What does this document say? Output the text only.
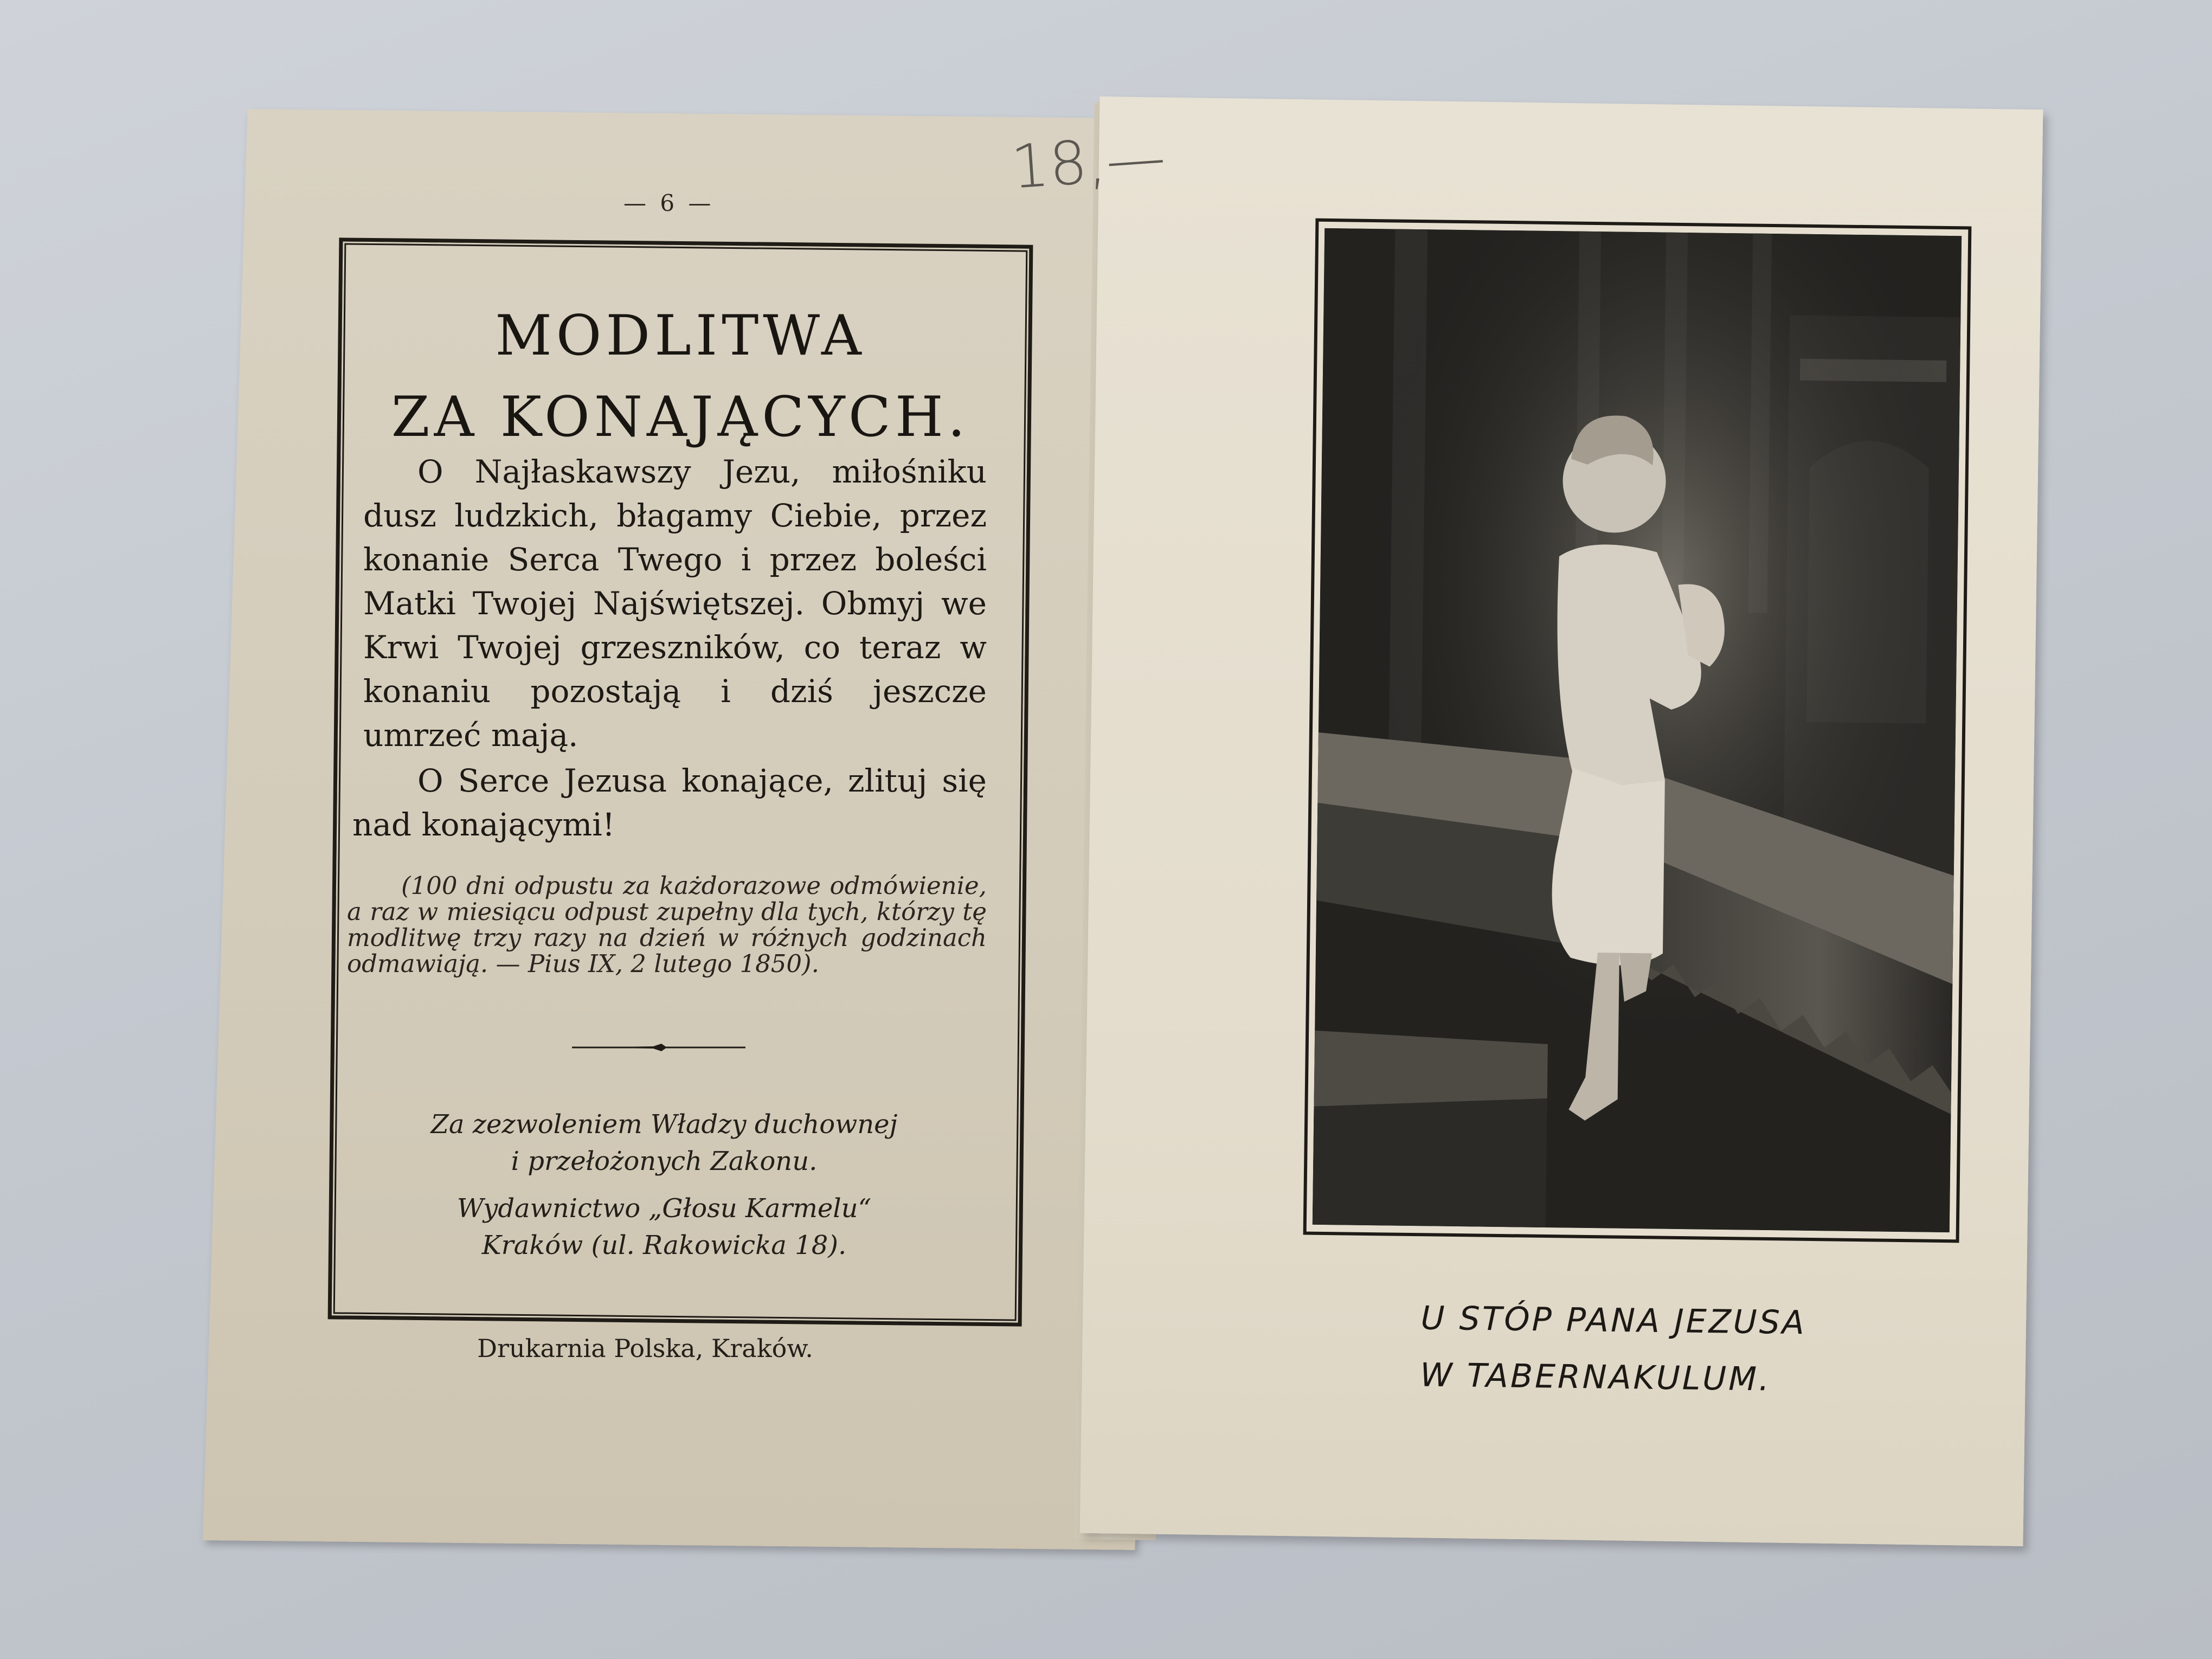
— 6 —
18,—
MODLITWA
ZA KONAJĄCYCH.
O Najłaskawszy Jezu, miłośniku dusz ludzkich, błagamy Ciebie, przez konanie Serca Twego i przez boleści Matki Twojej Najświętszej. Obmyj we Krwi Twojej grzeszników, co teraz w konaniu pozostają i dziś jeszcze umrzeć mają.
O Serce Jezusa konające, zlituj się nad konającymi!
(100 dni odpustu za każdorazowe odmówienie, a raz w miesiącu odpust zupełny dla tych, którzy tę modlitwę trzy razy na dzień w różnych godzinach odmawiają. — Pius IX, 2 lutego 1850).
Za zezwoleniem Władzy duchownej
i przełożonych Zakonu.
Wydawnictwo „Głosu Karmelu“
Kraków (ul. Rakowicka 18).
Drukarnia Polska, Kraków.
U STÓP PANA JEZUSA
W TABERNAKULUM.
